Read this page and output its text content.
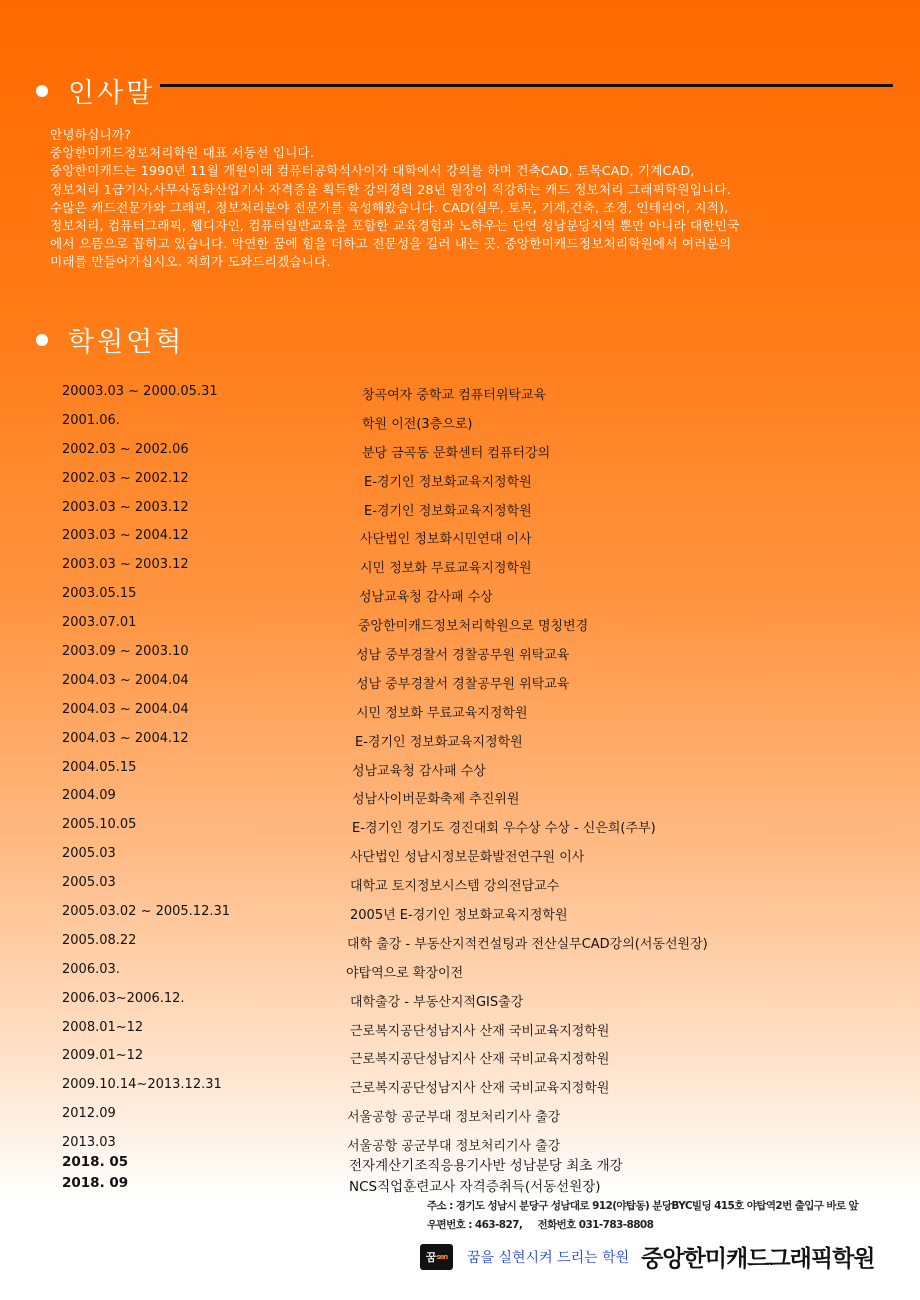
인사말
안녕하십니까?
중앙한미캐드정보처리학원 대표 서동선 입니다.
중앙한미캐드는 1990년 11월 개원이래 컴퓨터공학석사이자 대학에서 강의를 하며 건축CAD, 토목CAD, 기계CAD,
정보처리 1급기사,사무자동화산업기사 자격증을 획득한 강의경력 28년 원장이 직강하는 캐드 정보처리 그래픽학원입니다.
수많은 캐드전문가와 그래픽, 정보처리분야 전문가를 육성해왔습니다. CAD(실무, 토목, 기계,건축, 조경, 인테리어, 지적),
정보처리, 컴퓨터그래픽, 웹디자인, 컴퓨터일반교육을 포함한 교육경험과 노하우는 단연 성남분당지역 뿐만 아니라 대한민국
에서 으뜸으로 꼽히고 있습니다. 막연한 꿈에 힘을 더하고 전문성을 길러 내는 곳. 중앙한미캐드정보처리학원에서 여러분의
미래를 만들어가십시오. 저희가 도와드리겠습니다.
학원연혁
20003.03 ~ 2000.05.31	창곡여자 중학교 컴퓨터위탁교육
2001.06.	학원 이전(3층으로)
2002.03 ~ 2002.06	분당 금곡동 문화센터 컴퓨터강의
2002.03 ~ 2002.12	E-경기인 정보화교육지정학원
2003.03 ~ 2003.12	E-경기인 정보화교육지정학원
2003.03 ~ 2004.12	사단법인 정보화시민연대 이사
2003.03 ~ 2003.12	시민 정보화 무료교육지정학원
2003.05.15	성남교육청 감사패 수상
2003.07.01	중앙한미캐드정보처리학원으로 명칭변경
2003.09 ~ 2003.10	성남 중부경찰서 경찰공무원 위탁교육
2004.03 ~ 2004.04	성남 중부경찰서 경찰공무원 위탁교육
2004.03 ~ 2004.04	시민 정보화 무료교육지정학원
2004.03 ~ 2004.12	E-경기인 정보화교육지정학원
2004.05.15	성남교육청 감사패 수상
2004.09	성남사이버문화축제 추진위원
2005.10.05	E-경기인 경기도 경진대회 우수상 수상 - 신은희(주부)
2005.03	사단법인 성남시정보문화발전연구원 이사
2005.03	대학교 토지정보시스템 강의전담교수
2005.03.02 ~ 2005.12.31	2005년 E-경기인 정보화교육지정학원
2005.08.22	대학 출강 - 부동산지적컨설팅과 전산실무CAD강의(서동선원장)
2006.03.	야탑역으로 확장이전
2006.03~2006.12.	대학출강 - 부동산지적GIS출강
2008.01~12	근로복지공단성남지사 산재 국비교육지정학원
2009.01~12	근로복지공단성남지사 산재 국비교육지정학원
2009.10.14~2013.12.31	근로복지공단성남지사 산재 국비교육지정학원
2012.09	서울공항 공군부대 정보처리기사 출강
2013.03	서울공항 공군부대 정보처리기사 출강
2018. 05	전자계산기조직응용기사반 성남분당 최초 개강
2018. 09	NCS직업훈련교사 자격증취득(서동선원장)
주소 : 경기도 성남시 분당구 성남대로 912(야탑동) 분당BYC빌딩 415호 야탑역2번 출입구 바로 앞
우편번호 : 463-827, 전화번호 031-783-8808
꿈 sen 꿈을 실현시켜 드리는 학원 중앙한미캐드그래픽학원
